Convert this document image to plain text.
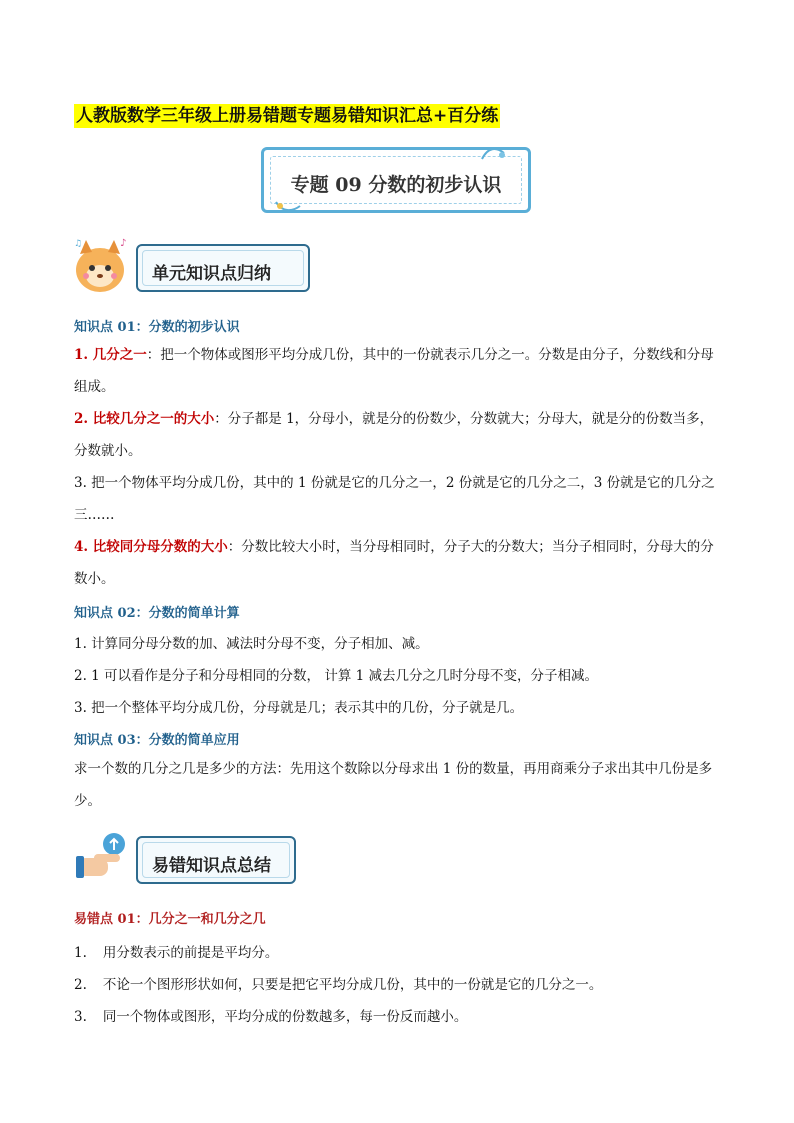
人教版数学三年级上册易错题专题易错知识汇总+百分练
专题 09 分数的初步认识
♪
♫
单元知识点归纳
知识点 01：分数的初步认识
1. 几分之一：把一个物体或图形平均分成几份，其中的一份就表示几分之一。分数是由分子，分数线和分母组成。
2. 比较几分之一的大小：分子都是 1，分母小，就是分的份数少，分数就大；分母大，就是分的份数当多，分数就小。
3. 把一个物体平均分成几份，其中的 1 份就是它的几分之一，2 份就是它的几分之二，3 份就是它的几分之三……
4. 比较同分母分数的大小：分数比较大小时，当分母相同时，分子大的分数大；当分子相同时，分母大的分数小。
知识点 02：分数的简单计算
1. 计算同分母分数的加、减法时分母不变，分子相加、减。
2. 1 可以看作是分子和分母相同的分数， 计算 1 减去几分之几时分母不变，分子相减。
3. 把一个整体平均分成几份，分母就是几；表示其中的几份，分子就是几。
知识点 03：分数的简单应用
求一个数的几分之几是多少的方法：先用这个数除以分母求出 1 份的数量，再用商乘分子求出其中几份是多少。
易错知识点总结
易错点 01：几分之一和几分之几
1. 用分数表示的前提是平均分。
2. 不论一个图形形状如何，只要是把它平均分成几份，其中的一份就是它的几分之一。
3. 同一个物体或图形，平均分成的份数越多，每一份反而越小。
